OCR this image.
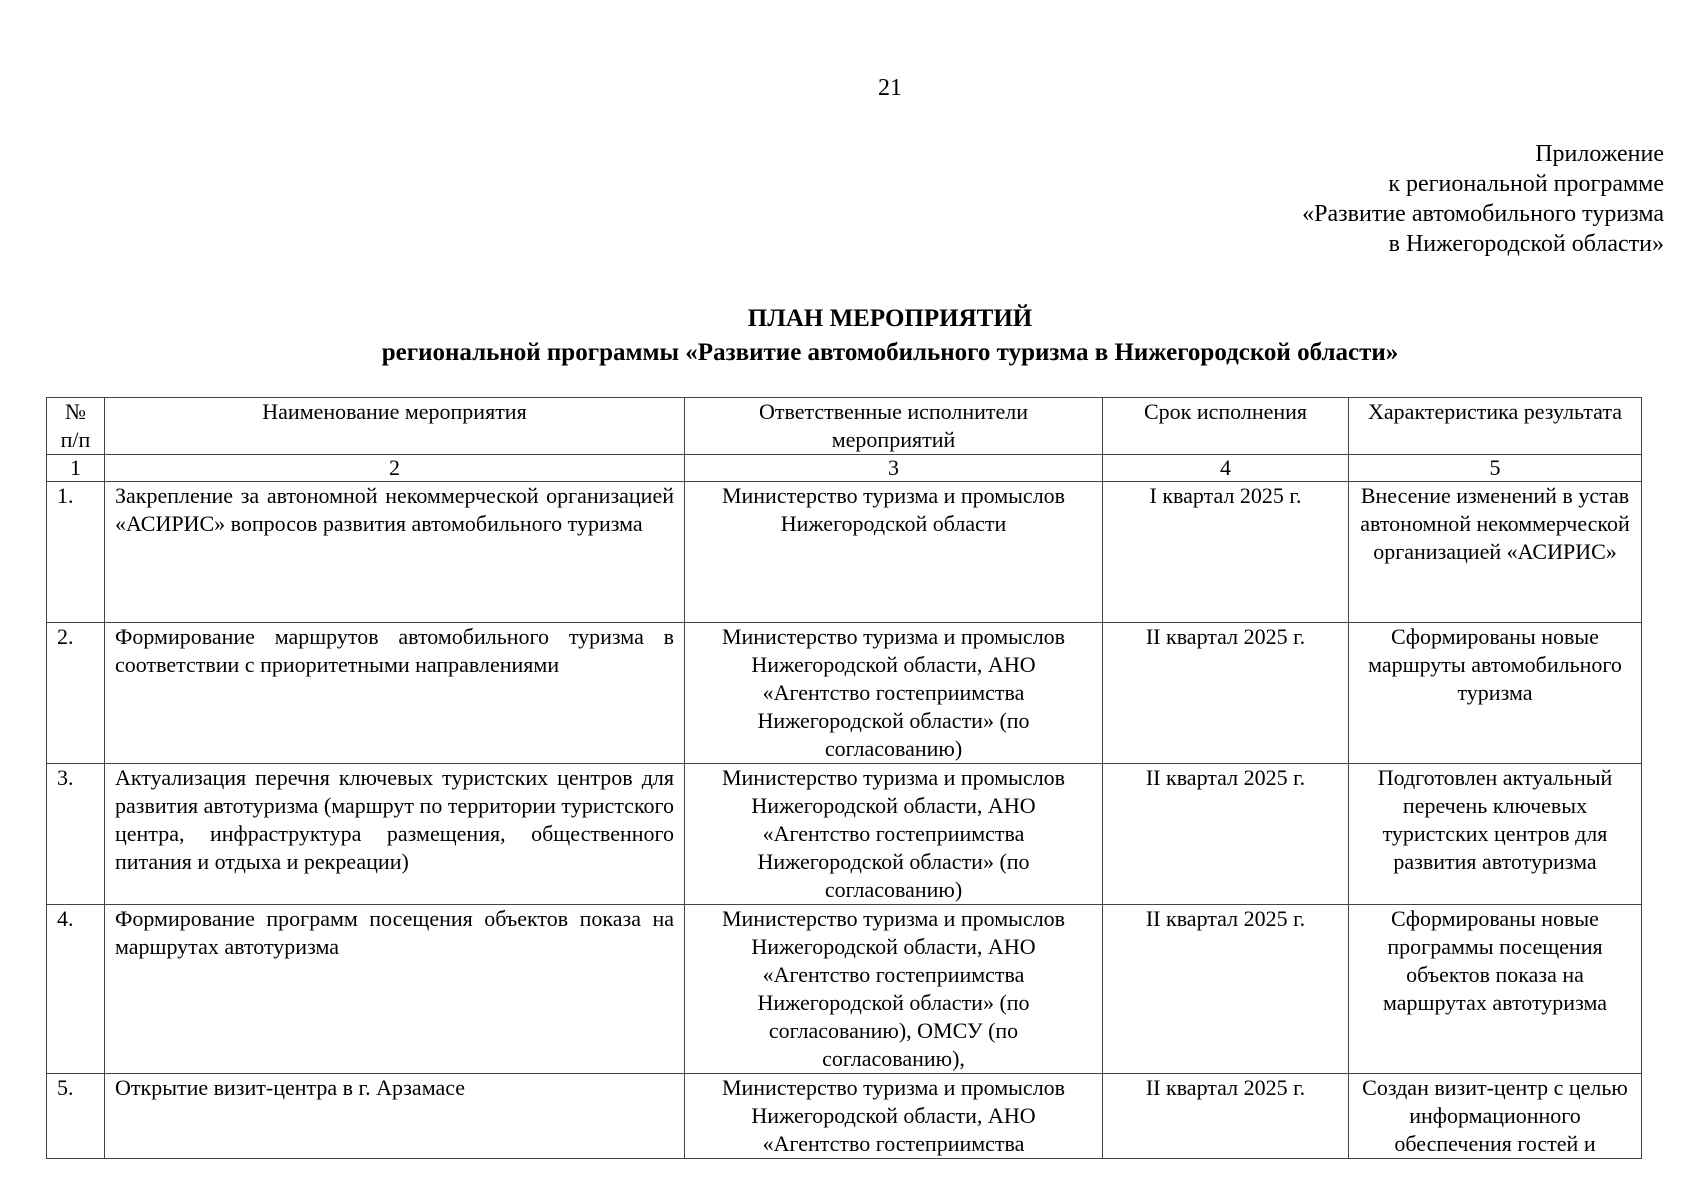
21
Приложение
к региональной программе
«Развитие автомобильного туризма
в Нижегородской области»
ПЛАН МЕРОПРИЯТИЙ
региональной программы «Развитие автомобильного туризма в Нижегородской области»
№ п/п	Наименование мероприятия	Ответственные исполнители мероприятий	Срок исполнения	Характеристика результата
1	2	3	4	5
1.	Закрепление за автономной некоммерческой организацией «АСИРИС» вопросов развития автомобильного туризма	Министерство туризма и промыслов Нижегородской области	I квартал 2025 г.	Внесение изменений в устав автономной некоммерческой организацией «АСИРИС»
2.	Формирование маршрутов автомобильного туризма в соответствии с приоритетными направлениями	Министерство туризма и промыслов Нижегородской области, АНО «Агентство гостеприимства Нижегородской области» (по согласованию)	II квартал 2025 г.	Сформированы новые маршруты автомобильного туризма
3.	Актуализация перечня ключевых туристских центров для развития автотуризма (маршрут по территории туристского центра, инфраструктура размещения, общественного питания и отдыха и рекреации)	Министерство туризма и промыслов Нижегородской области, АНО «Агентство гостеприимства Нижегородской области» (по согласованию)	II квартал 2025 г.	Подготовлен актуальный перечень ключевых туристских центров для развития автотуризма
4.	Формирование программ посещения объектов показа на маршрутах автотуризма	Министерство туризма и промыслов Нижегородской области, АНО «Агентство гостеприимства Нижегородской области» (по согласованию), ОМСУ (по согласованию),	II квартал 2025 г.	Сформированы новые программы посещения объектов показа на маршрутах автотуризма
5.	Открытие визит-центра в г. Арзамасе	Министерство туризма и промыслов Нижегородской области, АНО «Агентство гостеприимства	II квартал 2025 г.	Создан визит-центр с целью информационного обеспечения гостей и
